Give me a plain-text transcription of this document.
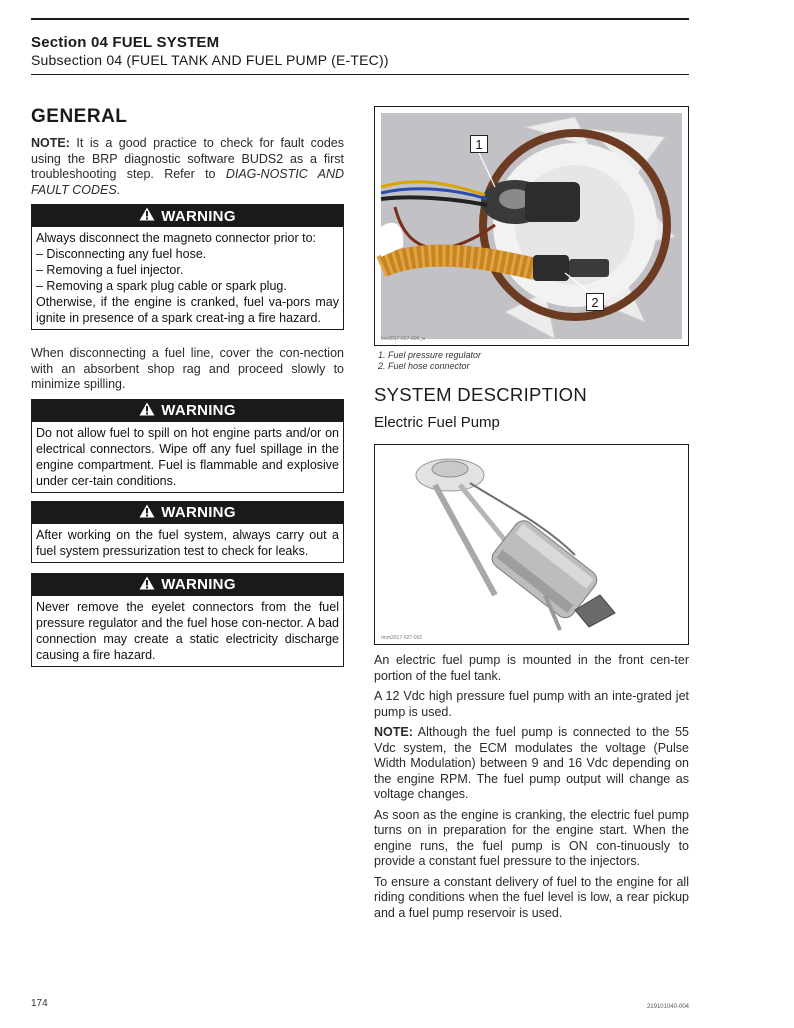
Section 04 FUEL SYSTEM
Subsection 04 (FUEL TANK AND FUEL PUMP (E-TEC))
GENERAL

NOTE: It is a good practice to check for fault codes using the BRP diagnostic software BUDS2 as a first troubleshooting step. Refer to DIAG-NOSTIC AND FAULT CODES.

WARNING
Always disconnect the magneto connector prior to:
– Disconnecting any fuel hose.
– Removing a fuel injector.
– Removing a spark plug cable or spark plug.
Otherwise, if the engine is cranked, fuel va-pors may ignite in presence of a spark creat-ing a fire hazard.

When disconnecting a fuel line, cover the con-nection with an absorbent shop rag and proceed slowly to minimize spilling.

WARNING
Do not allow fuel to spill on hot engine parts and/or on electrical connectors. Wipe off any fuel spillage in the engine compartment. Fuel is flammable and explosive under cer-tain conditions.
WARNING
After working on the fuel system, always carry out a fuel system pressurization test to check for leaks.
WARNING
Never remove the eyelet connectors from the fuel pressure regulator and the fuel hose con-nector. A bad connection may create a static electricity discharge causing a fire hazard.
1
2
tmr2017-027-006_a
1. Fuel pressure regulator
2. Fuel hose connector
SYSTEM DESCRIPTION
Electric Fuel Pump
rmm2017-027-002

An electric fuel pump is mounted in the front cen-ter portion of the fuel tank.

A 12 Vdc high pressure fuel pump with an inte-grated jet pump is used.

NOTE: Although the fuel pump is connected to the 55 Vdc system, the ECM modulates the voltage (Pulse Width Modulation) between 9 and 16 Vdc depending on the engine RPM. The fuel pump output will change as voltage changes.

As soon as the engine is cranking, the electric fuel pump turns on in preparation for the engine start. When the engine runs, the fuel pump is ON con-tinuously to provide a constant fuel pressure to the injectors.

To ensure a constant delivery of fuel to the engine for all riding conditions when the fuel level is low, a rear pickup and a fuel pump reservoir is used.

174	219101040-004
